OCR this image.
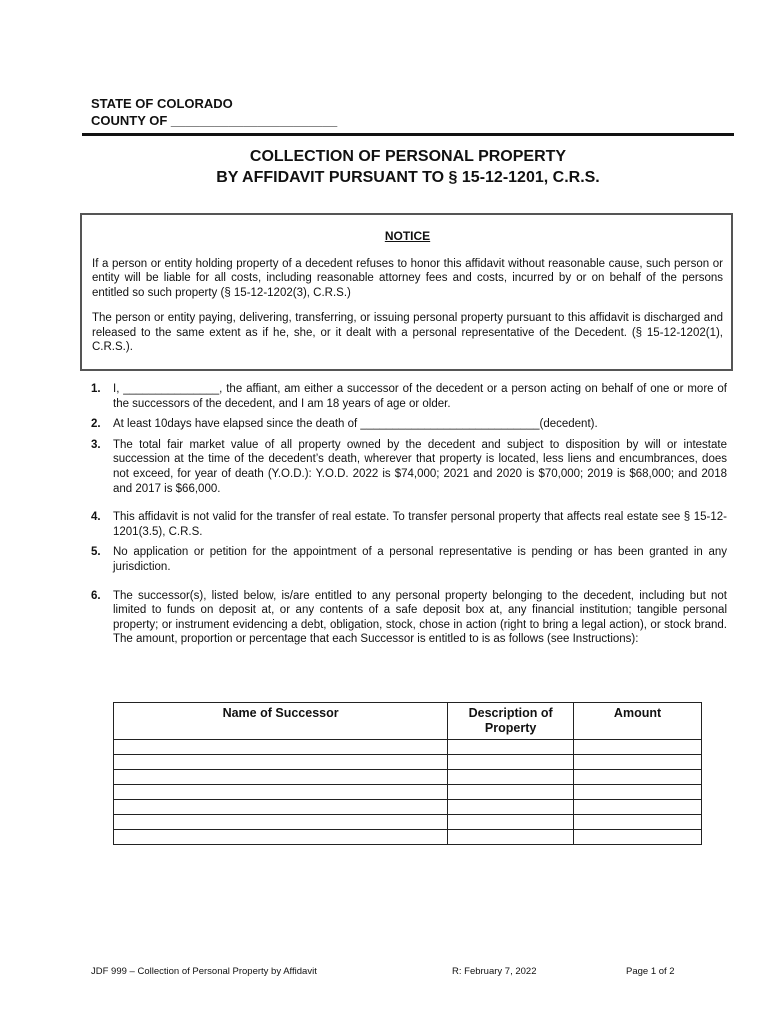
STATE OF COLORADO
COUNTY OF _______________________
COLLECTION OF PERSONAL PROPERTY
BY AFFIDAVIT PURSUANT TO § 15-12-1201, C.R.S.
NOTICE

If a person or entity holding property of a decedent refuses to honor this affidavit without reasonable cause, such person or entity will be liable for all costs, including reasonable attorney fees and costs, incurred by or on behalf of the persons entitled so such property (§ 15-12-1202(3), C.R.S.)

The person or entity paying, delivering, transferring, or issuing personal property pursuant to this affidavit is discharged and released to the same extent as if he, she, or it dealt with a personal representative of the Decedent. (§ 15-12-1202(1), C.R.S.).

1.	I, _______________, the affiant, am either a successor of the decedent or a person acting on behalf of one or more of the successors of the decedent, and I am 18 years of age or older.
2.	At least 10days have elapsed since the death of ____________________________(decedent).
3.	The total fair market value of all property owned by the decedent and subject to disposition by will or intestate succession at the time of the decedent’s death, wherever that property is located, less liens and encumbrances, does not exceed, for year of death (Y.O.D.): Y.O.D. 2022 is $74,000; 2021 and 2020 is $70,000; 2019 is $68,000; and 2018 and 2017 is $66,000.
4.	This affidavit is not valid for the transfer of real estate. To transfer personal property that affects real estate see § 15-12-1201(3.5), C.R.S.
5.	No application or petition for the appointment of a personal representative is pending or has been granted in any jurisdiction.
6.	The successor(s), listed below, is/are entitled to any personal property belonging to the decedent, including but not limited to funds on deposit at, or any contents of a safe deposit box at, any financial institution; tangible personal property; or instrument evidencing a debt, obligation, stock, chose in action (right to bring a legal action), or stock brand. The amount, proportion or percentage that each Successor is entitled to is as follows (see Instructions):
Name of Successor	Description of Property	Amount

JDF 999 – Collection of Personal Property by Affidavit	R: February 7, 2022	Page 1 of 2
